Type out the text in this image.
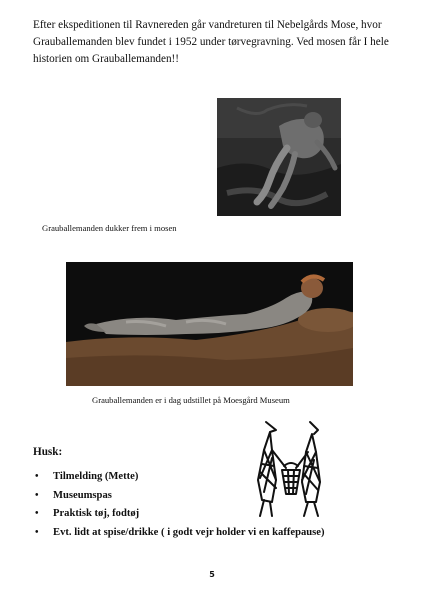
Efter ekspeditionen til Ravnereden går vandreturen til Nebelgårds Mose, hvor Grauballemanden blev fundet i 1952 under tørvegravning. Ved mosen får I hele historien om Grauballemanden!!

Grauballemanden dukker frem i mosen

Grauballemanden er i dag udstillet på Moesgård Museum

Husk:

• Tilmelding (Mette)
• Museumspas
• Praktisk tøj, fodtøj
• Evt. lidt at spise/drikke ( i godt vejr holder vi en kaffepause)

5
